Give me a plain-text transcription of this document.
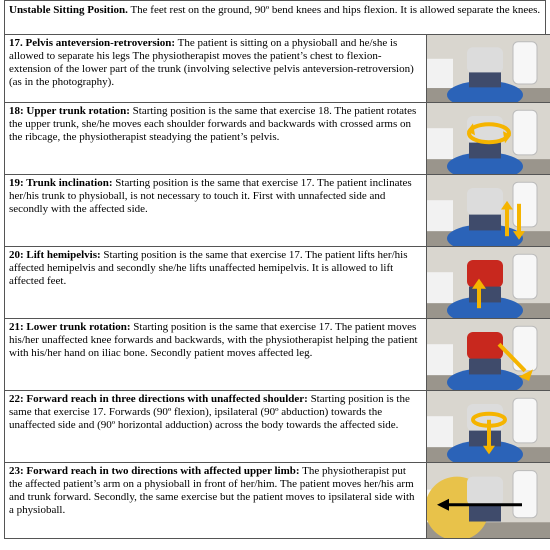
Unstable Sitting Position. The feet rest on the ground, 90º bend knees and hips flexion. It is allowed separate the knees.
17. Pelvis anteversion-retroversion: The patient is sitting on a physioball and he/she is allowed to separate his legs The physiotherapist moves the patient’s chest to flexion-extension of the lower part of the trunk (involving selective pelvis anteversion-retroversion) (as in the photography).	

18: Upper trunk rotation: Starting position is the same that exercise 18. The patient rotates the upper trunk, she/he moves each shoulder forwards and backwards with crossed arms on the ribcage, the physiotherapist steadying the patient’s pelvis.	

19: Trunk inclination: Starting position is the same that exercise 17. The patient inclinates her/his trunk to physioball, is not necessary to touch it. First with unnafected side and secondly with the affected side.	

20: Lift hemipelvis: Starting position is the same that exercise 17. The patient lifts her/his affected hemipelvis and secondly she/he lifts unaffected hemipelvis. It is allowed to lift affected feet.	

21: Lower trunk rotation: Starting position is the same that exercise 17. The patient moves his/her unaffected knee forwards and backwards, with the physiotherapist helping the patient with his/her hand on iliac bone. Secondly patient moves affected leg.	

22: Forward reach in three directions with unaffected shoulder: Starting position is the same that exercise 17. Forwards (90º flexion), ipsilateral (90º abduction) towards the unaffected side and (90º horizontal adduction) across the body towards the affected side.	

23: Forward reach in two directions with affected upper limb: The physiotherapist put the affected patient’s arm on a physioball in front of her/him. The patient moves her/his arm and trunk forward. Secondly, the same exercise but the patient moves to ipsilateral side with a physioball.	
